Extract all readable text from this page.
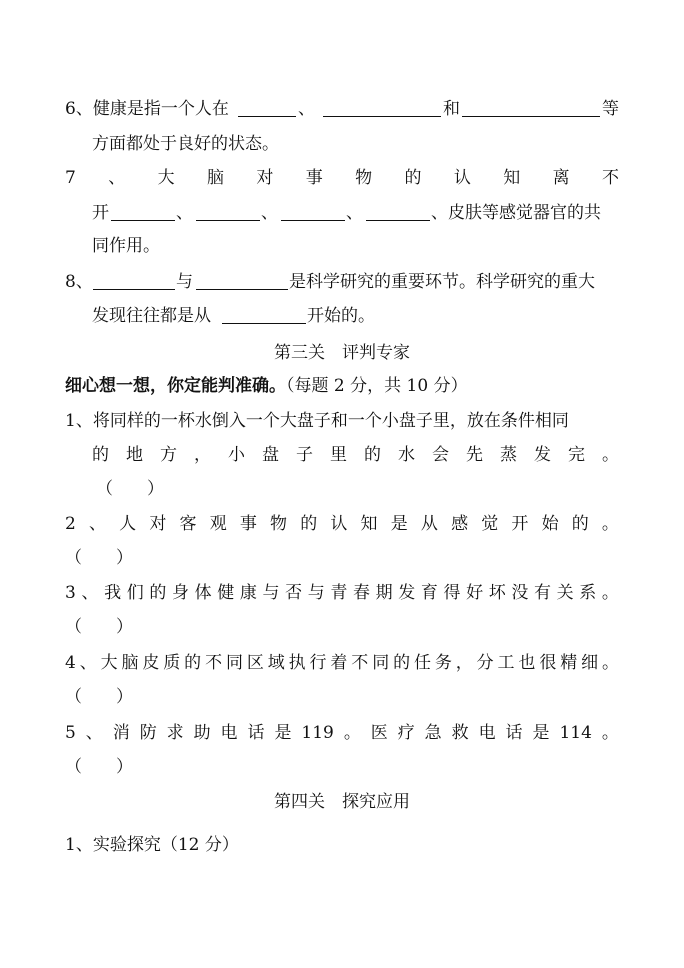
6、健康是指一个人在	、	和	等
方面都处于良好的状态。
7 、 大 脑 对 事 物 的 认 知 离 不
开	、	、	、	、皮肤等感觉器官的共
同作用。
8、	与	是科学研究的重要环节。科学研究的重大
发现往往都是从	开始的。
第三关　评判专家
细心想一想，你定能判准确。（每题 2 分，共 10 分）
1、将同样的一杯水倒入一个大盘子和一个小盘子里，放在条件相同
的 地 方 ， 小 盘 子 里 的 水 会 先 蒸 发 完 。
（　　）
2 、 人 对 客 观 事 物 的 认 知 是 从 感 觉 开 始 的 。
（　　）
3 、 我 们 的 身 体 健 康 与 否 与 青 春 期 发 育 得 好 坏 没 有 关 系 。
（　　）
4 、 大 脑 皮 质 的 不 同 区 域 执 行 着 不 同 的 任 务 ， 分 工 也 很 精 细 。
（　　）
5 、 消 防 求 助 电 话 是 119 。 医 疗 急 救 电 话 是 114 。
（　　）
第四关　探究应用
1、实验探究（12 分）
